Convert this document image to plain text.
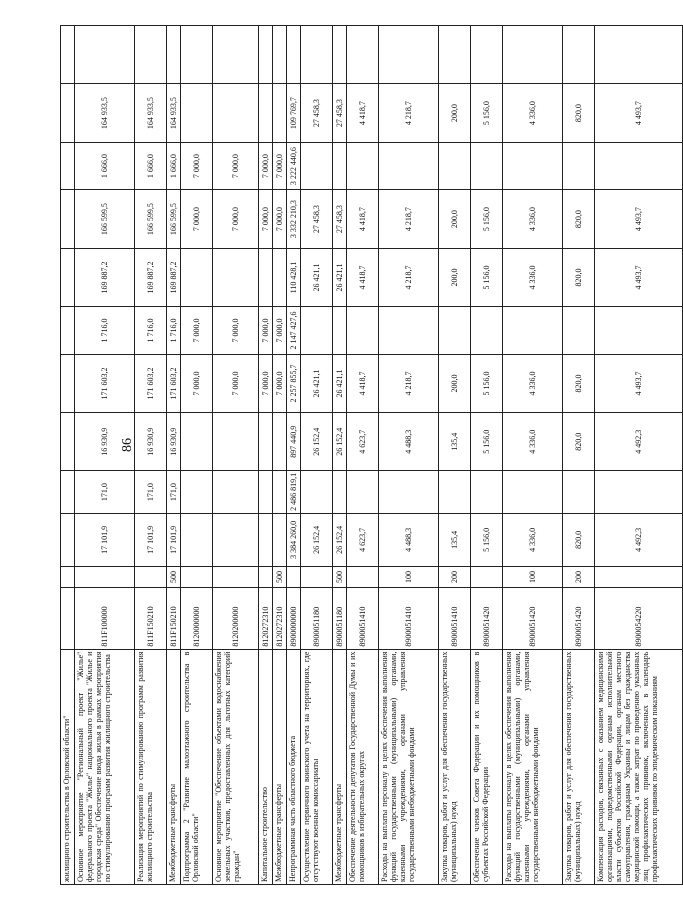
86
жилищного строительства в Орловской области"												
Основное мероприятие "Региональный проект "Жилье" федерального проекта "Жилье" национального проекта "Жилье и городская среда" Обеспечение ввода жилья в рамках мероприятия по стимулированию программ развития жилищного строительства	811F100000		17 101,9	171,0	16 930,9	171 603,2	1 716,0	169 887,2	166 599,5	1 666,0	164 933,5	
Реализация мероприятий по стимулированию программ развития жилищного строительства	811F150210		17 101,9	171,0	16 930,9	171 603,2	1 716,0	169 887,2	166 599,5	1 666,0	164 933,5	
Межбюджетные трансферты	811F150210	500	17 101,9	171,0	16 930,9	171 603,2	1 716,0	169 887,2	166 599,5	1 666,0	164 933,5	
Подпрограмма 2 "Развитие малоэтажного строительства в Орловской области"	8120000000					7 000,0	7 000,0		7 000,0	7 000,0		
Основное мероприятие "Обеспечение объектами водоснабжения земельных участков, предоставленных для льготных категорий граждан"	8120200000					7 000,0	7 000,0		7 000,0	7 000,0		
Капитальное строительство	8120272310					7 000,0	7 000,0		7 000,0	7 000,0		
Межбюджетные трансферты	8120272310	500				7 000,0	7 000,0		7 000,0	7 000,0		
Непрограммная часть областного бюджета	8900000000		3 384 260,0	2 486 819,1	897 440,9	2 257 855,7	2 147 427,6	110 428,1	3 332 210,3	3 222 440,6	109 769,7	
Осуществление первичного воинского учета на территориях, где отсутствуют военные комиссариаты	8900051180		26 152,4		26 152,4	26 421,1		26 421,1	27 458,3		27 458,3	
Межбюджетные трансферты	8900051180	500	26 152,4		26 152,4	26 421,1		26 421,1	27 458,3		27 458,3	
Обеспечение деятельности депутатов Государственной Думы и их помощников в избирательных округах	8900051410		4 623,7		4 623,7	4 418,7		4 418,7	4 418,7		4 418,7	
Расходы на выплаты персоналу в целях обеспечения выполнения функций государственными (муниципальными) органами, казенными учреждениями, органами управления государственными внебюджетными фондами	8900051410	100	4 488,3		4 488,3	4 218,7		4 218,7	4 218,7		4 218,7	
Закупка товаров, работ и услуг для обеспечения государственных (муниципальных) нужд	8900051410	200	135,4		135,4	200,0		200,0	200,0		200,0	
Обеспечение членов Совета Федерации и их помощников в субъектах Российской Федерации	8900051420		5 156,0		5 156,0	5 156,0		5 156,0	5 156,0		5 156,0	
Расходы на выплаты персоналу в целях обеспечения выполнения функций государственными (муниципальными) органами, казенными учреждениями, органами управления государственными внебюджетными фондами	8900051420	100	4 336,0		4 336,0	4 336,0		4 336,0	4 336,0		4 336,0	
Закупка товаров, работ и услуг для обеспечения государственных (муниципальных) нужд	8900051420	200	820,0		820,0	820,0		820,0	820,0		820,0	
Компенсация расходов, связанных с оказанием медицинскими организациями, подведомственными органам исполнительной власти субъектов Российской Федерации, органам местного самоуправления, гражданам Украины и лицам без гражданства медицинской помощи, а также затрат по проведению указанных лиц профилактических прививок, включенных в календарь профилактических прививок по эпидемическим показаниям	8900054220		4 492,3		4 492,3	4 493,7		4 493,7	4 493,7		4 493,7	
